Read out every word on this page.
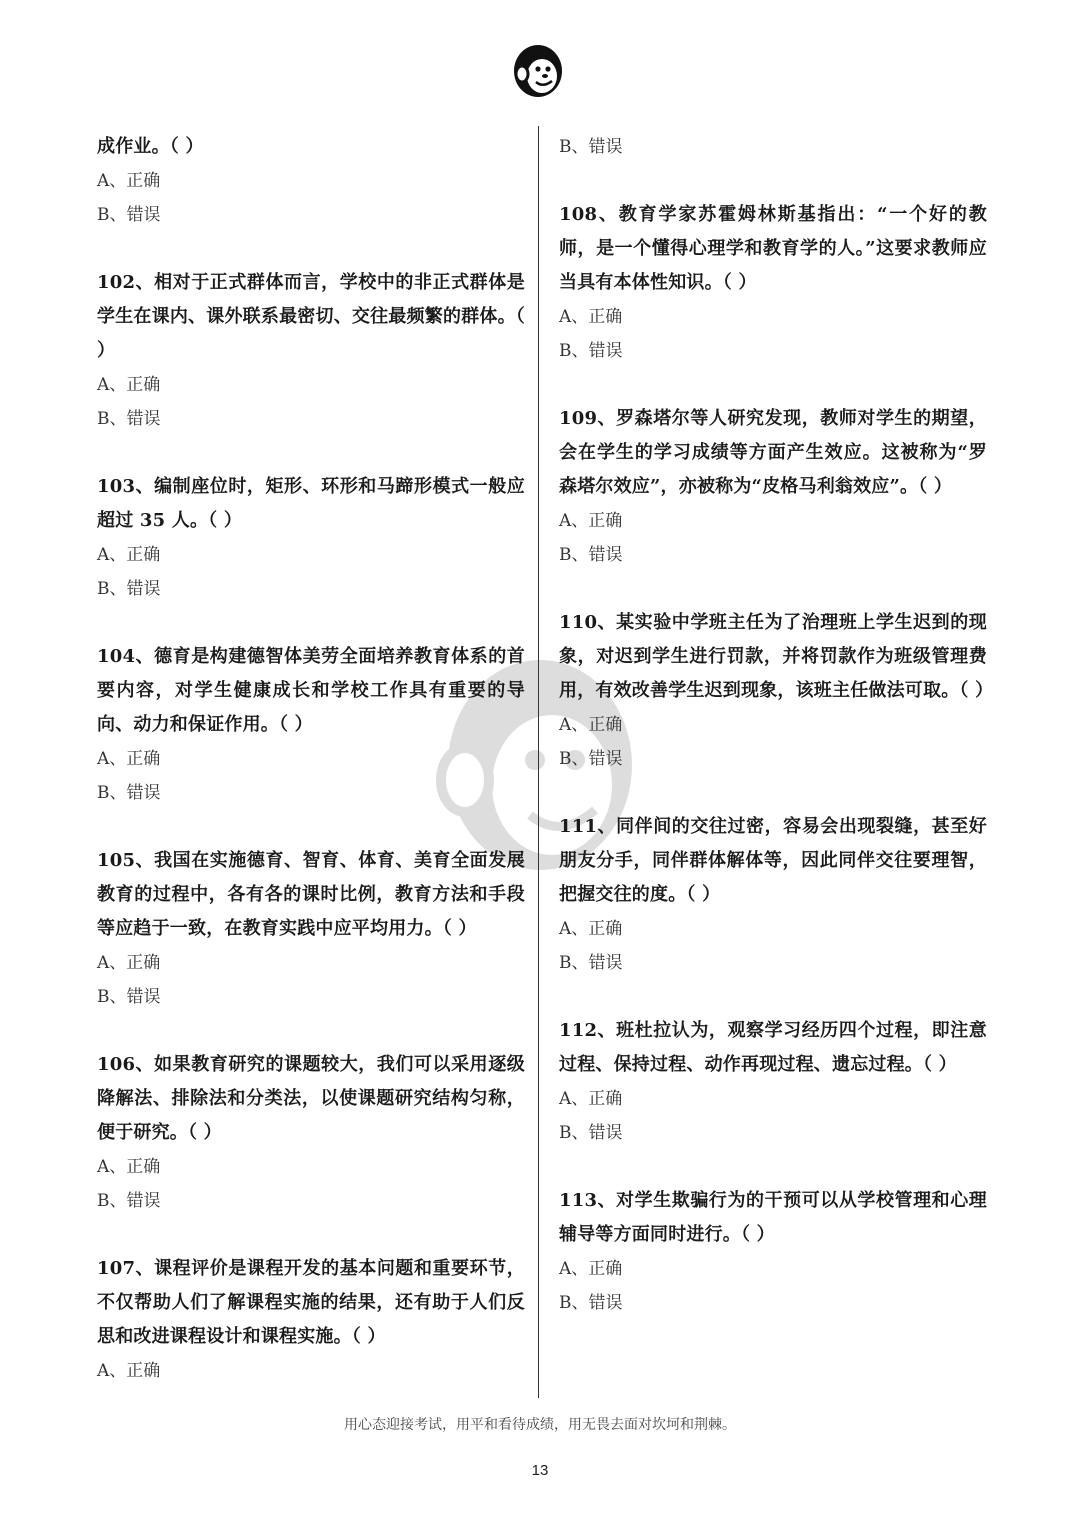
成作业。（ ）

A、正确

B、错误

102、相对于正式群体而言，学校中的非正式群体是学生在课内、课外联系最密切、交往最频繁的群体。（ ）

A、正确

B、错误

103、编制座位时，矩形、环形和马蹄形模式一般应超过 35 人。（ ）

A、正确

B、错误

104、德育是构建德智体美劳全面培养教育体系的首要内容，对学生健康成长和学校工作具有重要的导向、动力和保证作用。（ ）

A、正确

B、错误

105、我国在实施德育、智育、体育、美育全面发展教育的过程中，各有各的课时比例，教育方法和手段等应趋于一致，在教育实践中应平均用力。（ ）

A、正确

B、错误

106、如果教育研究的课题较大，我们可以采用逐级降解法、排除法和分类法，以使课题研究结构匀称，便于研究。（ ）

A、正确

B、错误

107、课程评价是课程开发的基本问题和重要环节，不仅帮助人们了解课程实施的结果，还有助于人们反思和改进课程设计和课程实施。（ ）

A、正确

B、错误

108、教育学家苏霍姆林斯基指出：“一个好的教师，是一个懂得心理学和教育学的人。”这要求教师应当具有本体性知识。（ ）

A、正确

B、错误

109、罗森塔尔等人研究发现，教师对学生的期望，会在学生的学习成绩等方面产生效应。这被称为“罗森塔尔效应”，亦被称为“皮格马利翁效应”。（ ）

A、正确

B、错误

110、某实验中学班主任为了治理班上学生迟到的现象，对迟到学生进行罚款，并将罚款作为班级管理费用，有效改善学生迟到现象，该班主任做法可取。（ ）

A、正确

B、错误

111、同伴间的交往过密，容易会出现裂缝，甚至好朋友分手，同伴群体解体等，因此同伴交往要理智，把握交往的度。（ ）

A、正确

B、错误

112、班杜拉认为，观察学习经历四个过程，即注意过程、保持过程、动作再现过程、遗忘过程。（ ）

A、正确

B、错误

113、对学生欺骗行为的干预可以从学校管理和心理辅导等方面同时进行。（ ）

A、正确

B、错误

用心态迎接考试，用平和看待成绩，用无畏去面对坎坷和荆棘。
13
